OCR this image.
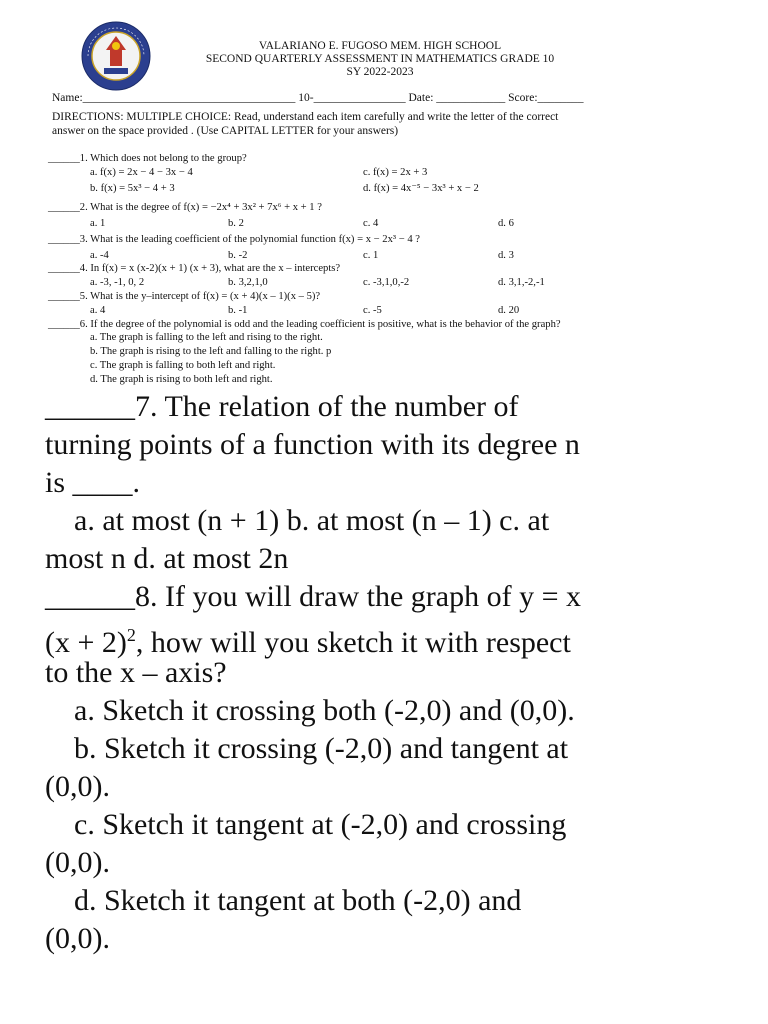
VALARIANO E. FUGOSO MEM. HIGH SCHOOL
SECOND QUARTERLY ASSESSMENT IN MATHEMATICS GRADE 10
SY 2022-2023
Name:_____________________________________ 10-________________ Date: ____________ Score:________
DIRECTIONS: MULTIPLE CHOICE: Read, understand each item carefully and write the letter of the correct
answer on the space provided . (Use CAPITAL LETTER for your answers)
______1. Which does not belong to the group?
a. f(x) = 2x − 4 − 3x − 4	c. f(x) = 2x + 3
b. f(x) = 5x³ − 4 + 3	d. f(x) = 4x⁻⁵ − 3x³ + x − 2
______2. What is the degree of f(x) = −2x⁴ + 3x² + 7x⁶ + x + 1 ?
a. 1	b. 2	c. 4	d. 6
______3. What is the leading coefficient of the polynomial function f(x) = x − 2x³ − 4 ?
a. -4	b. -2	c. 1	d. 3
______4. In f(x) = x (x-2)(x + 1) (x + 3), what are the x – intercepts?
a. -3, -1, 0, 2	b. 3,2,1,0	c. -3,1,0,-2	d. 3,1,-2,-1
______5. What is the y–intercept of f(x) = (x + 4)(x – 1)(x – 5)?
a. 4	b. -1	c. -5	d. 20
______6. If the degree of the polynomial is odd and the leading coefficient is positive, what is the behavior of the graph?
a. The graph is falling to the left and rising to the right.
b. The graph is rising to the left and falling to the right. p
c. The graph is falling to both left and right.
d. The graph is rising to both left and right.
______7. The relation of the number of
turning points of a function with its degree n
is ____.
a. at most (n + 1) b. at most (n – 1) c. at
most n d. at most 2n
______8. If you will draw the graph of y = x
$(x + 2)^2$, how will you sketch it with respect
to the x – axis?
a. Sketch it crossing both (-2,0) and (0,0).
b. Sketch it crossing (-2,0) and tangent at
(0,0).
c. Sketch it tangent at (-2,0) and crossing
(0,0).
d. Sketch it tangent at both (-2,0) and
(0,0).
